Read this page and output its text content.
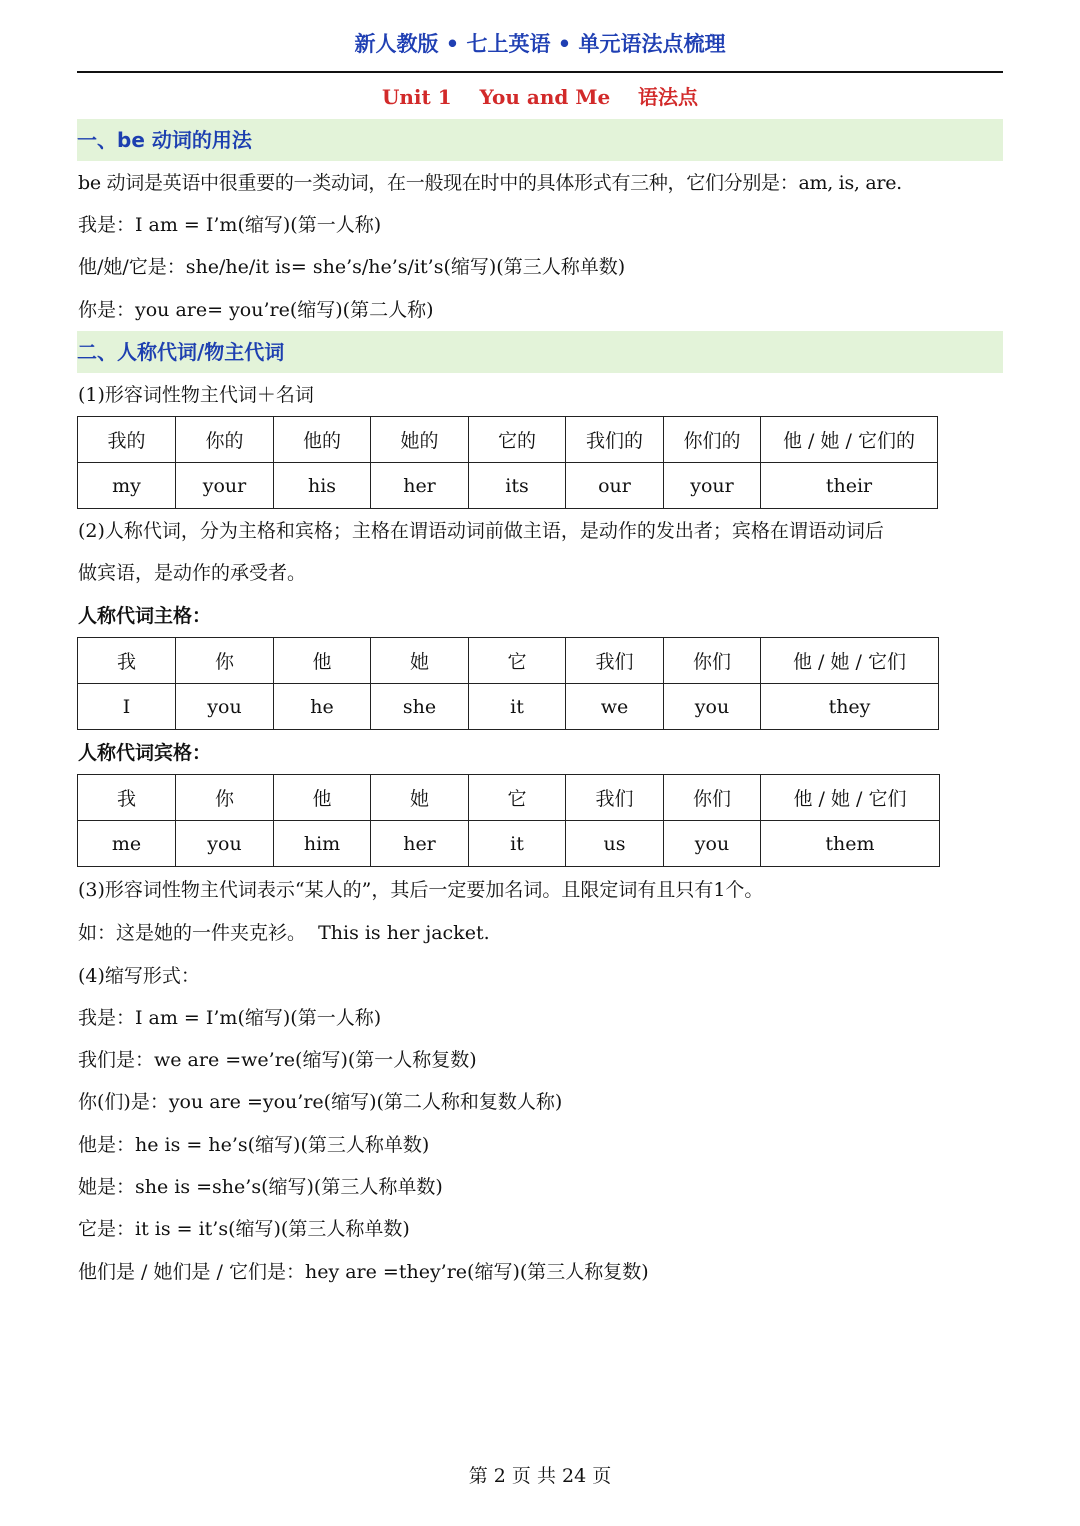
新人教版 • 七上英语 • 单元语法点梳理
Unit 1    You and Me    语法点
一、be 动词的用法
be 动词是英语中很重要的一类动词，在一般现在时中的具体形式有三种，它们分别是：am, is, are.
我是：I am = I’m(缩写)(第一人称)
他/她/它是：she/he/it is= she’s/he’s/it’s(缩写)(第三人称单数)
你是：you are= you’re(缩写)(第二人称)
二、人称代词/物主代词
(1)形容词性物主代词＋名词
我的	你的	他的	她的	它的	我们的	你们的	他 / 她 / 它们的
my	your	his	her	its	our	your	their
(2)人称代词，分为主格和宾格；主格在谓语动词前做主语，是动作的发出者；宾格在谓语动词后
做宾语，是动作的承受者。
人称代词主格：
我	你	他	她	它	我们	你们	他 / 她 / 它们
I	you	he	she	it	we	you	they
人称代词宾格：
我	你	他	她	它	我们	你们	他 / 她 / 它们
me	you	him	her	it	us	you	them
(3)形容词性物主代词表示“某人的”，其后一定要加名词。且限定词有且只有1个。
如：这是她的一件夹克衫。  This is her jacket.
(4)缩写形式：
我是：I am = I’m(缩写)(第一人称)
我们是：we are =we’re(缩写)(第一人称复数)
你(们)是：you are =you’re(缩写)(第二人称和复数人称)
他是：he is = he’s(缩写)(第三人称单数)
她是：she is =she’s(缩写)(第三人称单数)
它是：it is = it’s(缩写)(第三人称单数)
他们是 / 她们是 / 它们是：hey are =they’re(缩写)(第三人称复数)
第 2 页 共 24 页
